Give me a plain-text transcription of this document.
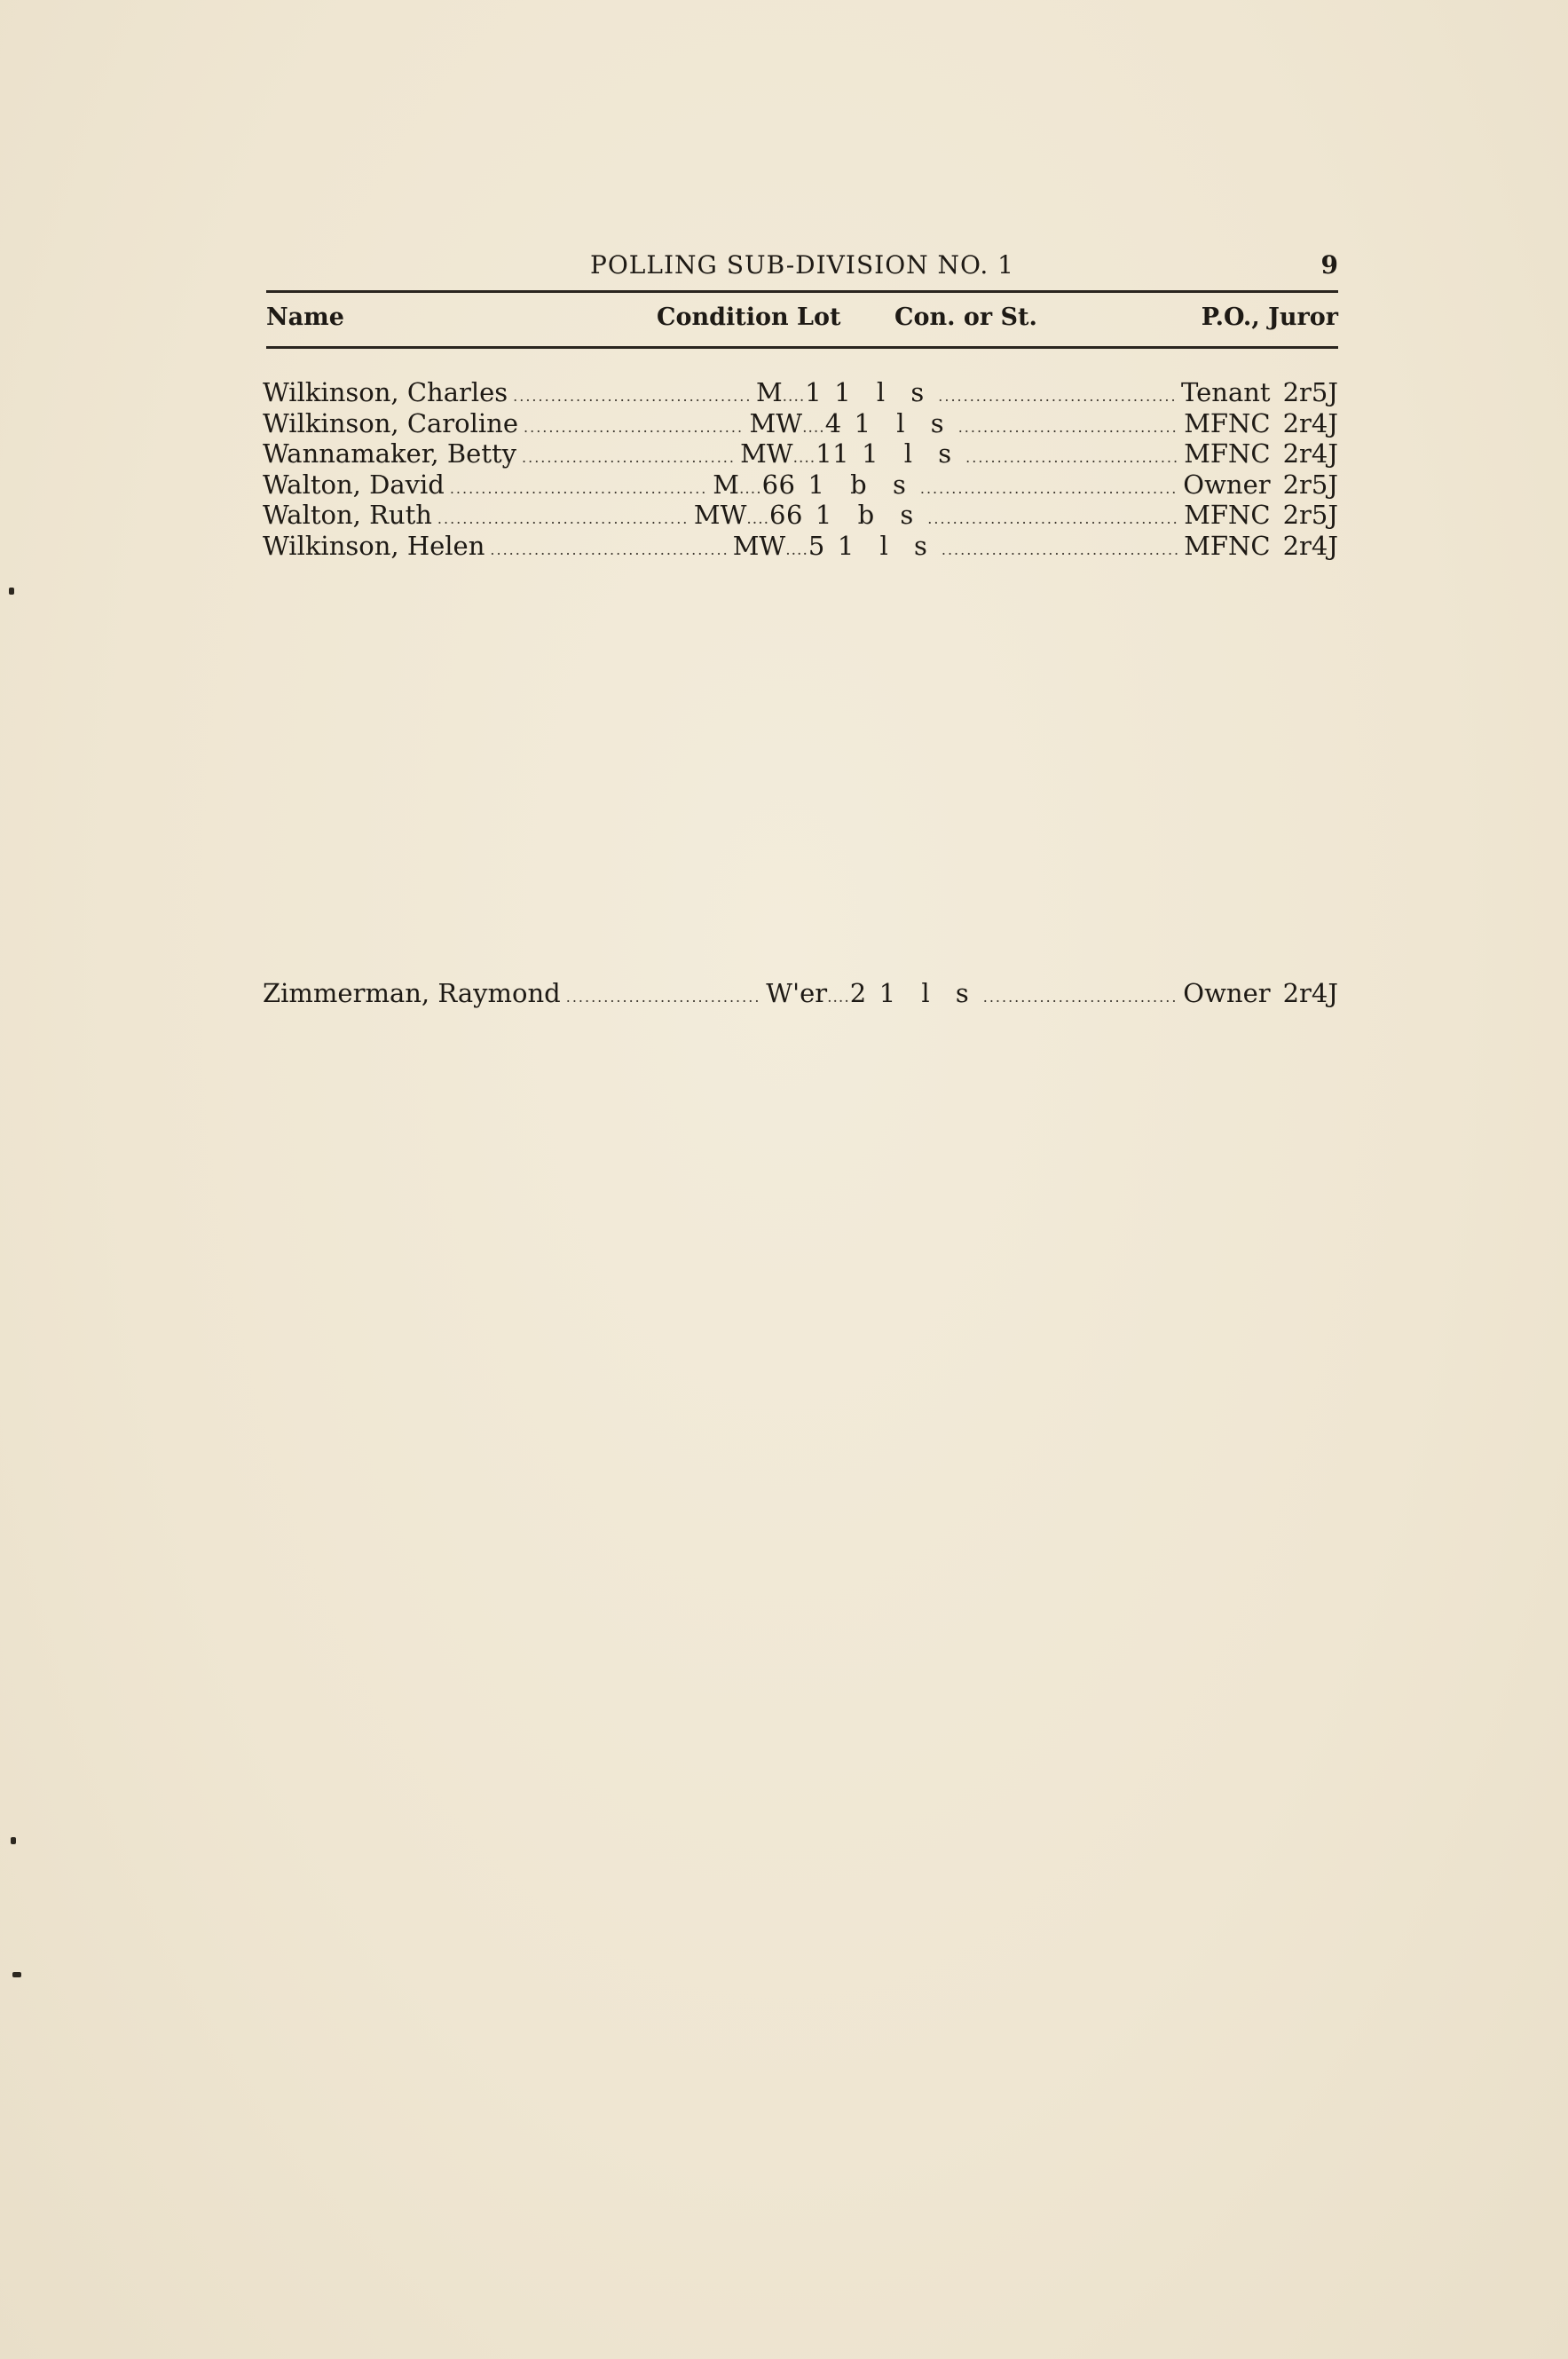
POLLING SUB-DIVISION NO. 1	9
Name	Condition Lot Con. or St.	P.O., Juror
Wilkinson, Charles .....	M .... 1 1 l s .....	Tenant 2r5J
Wilkinson, Caroline .....	MW .... 4 1 l s .....	MFNC 2r4J
Wannamaker, Betty .....	MW .... 11 1 l s .....	MFNC 2r4J
Walton, David .....	M .... 66 1 b s .....	Owner 2r5J
Walton, Ruth .....	MW .... 66 1 b s .....	MFNC 2r5J
Wilkinson, Helen .....	MW .... 5 1 l s .....	MFNC 2r4J
Zimmerman, Raymond .....	W'er .... 2 1 l s .....	Owner 2r4J
